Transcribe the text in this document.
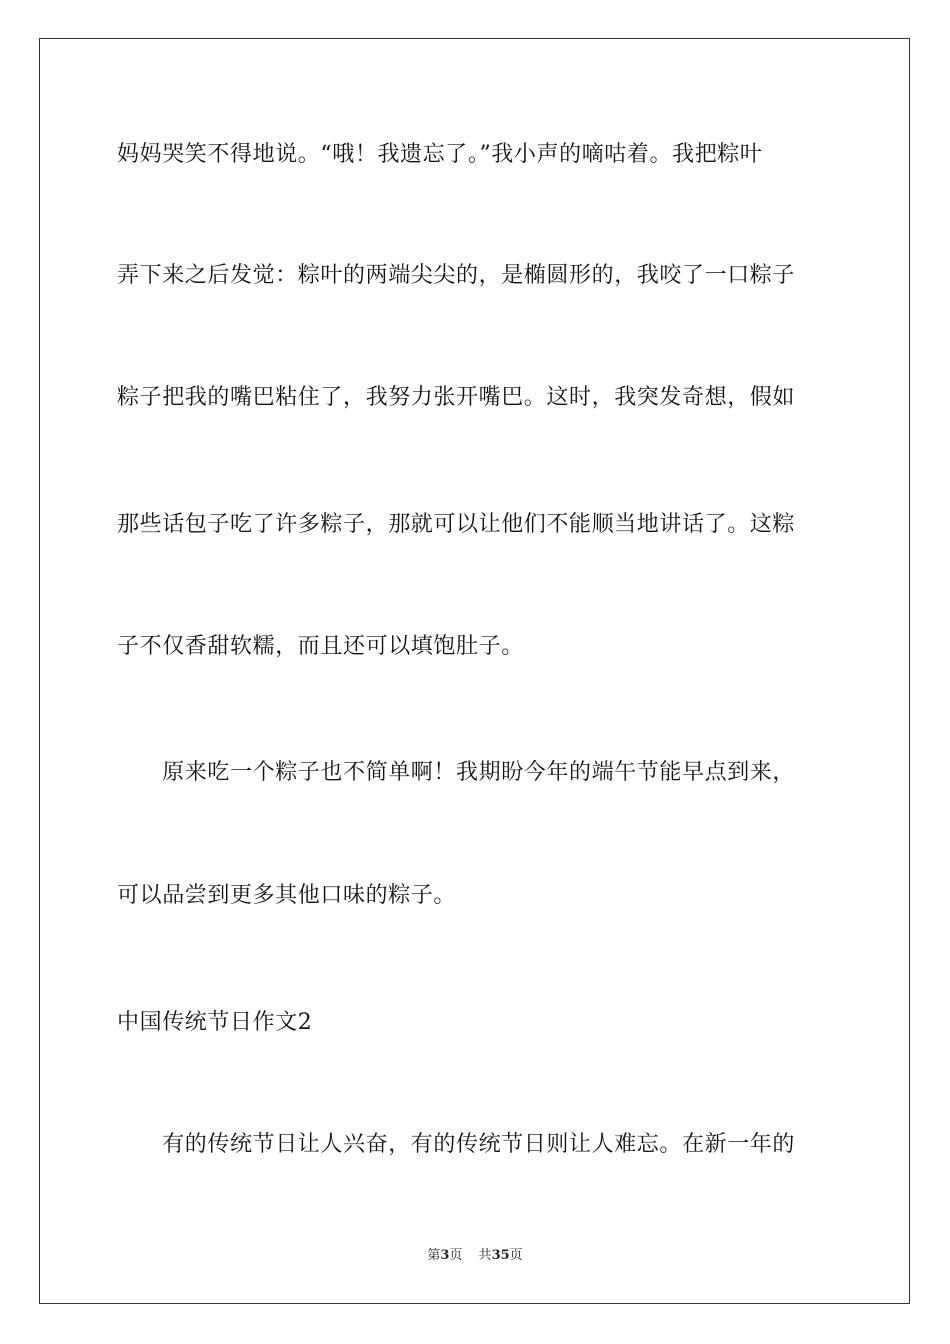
妈妈哭笑不得地说。“哦！我遗忘了。”我小声的嘀咕着。我把粽叶
弄下来之后发觉：粽叶的两端尖尖的，是椭圆形的，我咬了一口粽子
粽子把我的嘴巴粘住了，我努力张开嘴巴。这时，我突发奇想，假如
那些话包子吃了许多粽子，那就可以让他们不能顺当地讲话了。这粽
子不仅香甜软糯，而且还可以填饱肚子。
　　原来吃一个粽子也不简单啊！我期盼今年的端午节能早点到来，
可以品尝到更多其他口味的粽子。
中国传统节日作文2
　　有的传统节日让人兴奋，有的传统节日则让人难忘。在新一年的
第3页 共35页
